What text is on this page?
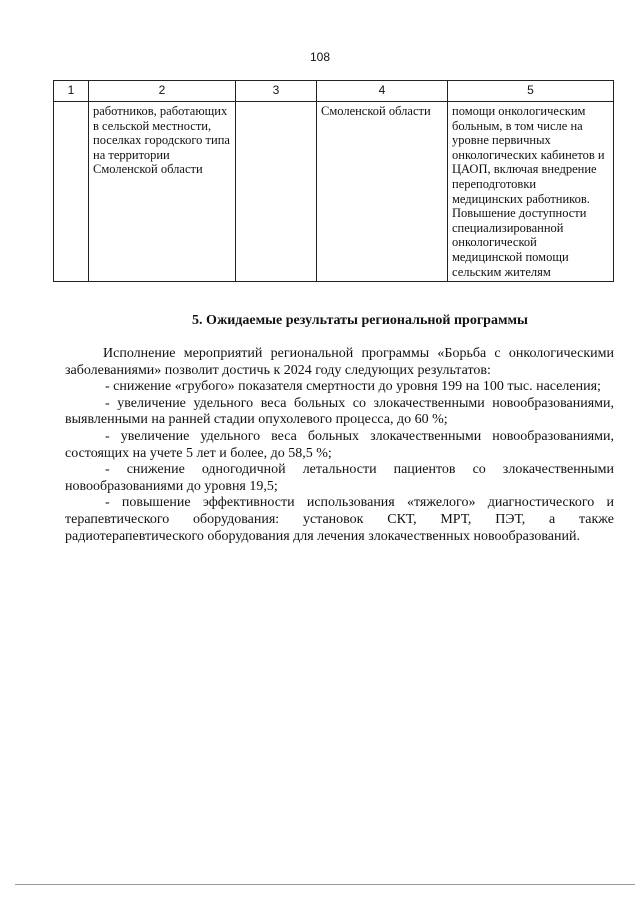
108
1	2	3	4	5
	работников, работающих в сельской местности, поселках городского типа на территории Смоленской области		Смоленской области	помощи онкологическим больным, в том числе на уровне первичных онкологических кабинетов и ЦАОП, включая внедрение переподготовки медицинских работников. Повышение доступности специализированной онкологической медицинской помощи сельским жителям
5. Ожидаемые результаты региональной программы

Исполнение мероприятий региональной программы «Борьба с онкологическими заболеваниями» позволит достичь к 2024 году следующих результатов:

- снижение «грубого» показателя смертности до уровня 199 на 100 тыс. населения;

- увеличение удельного веса больных со злокачественными новообразованиями, выявленными на ранней стадии опухолевого процесса, до 60 %;

- увеличение удельного веса больных злокачественными новообразованиями, состоящих на учете 5 лет и более, до 58,5 %;

- снижение одногодичной летальности пациентов со злокачественными новообразованиями до уровня 19,5;

- повышение эффективности использования «тяжелого» диагностического и терапевтического оборудования: установок СКТ, МРТ, ПЭТ, а также радиотерапевтического оборудования для лечения злокачественных новообразований.
